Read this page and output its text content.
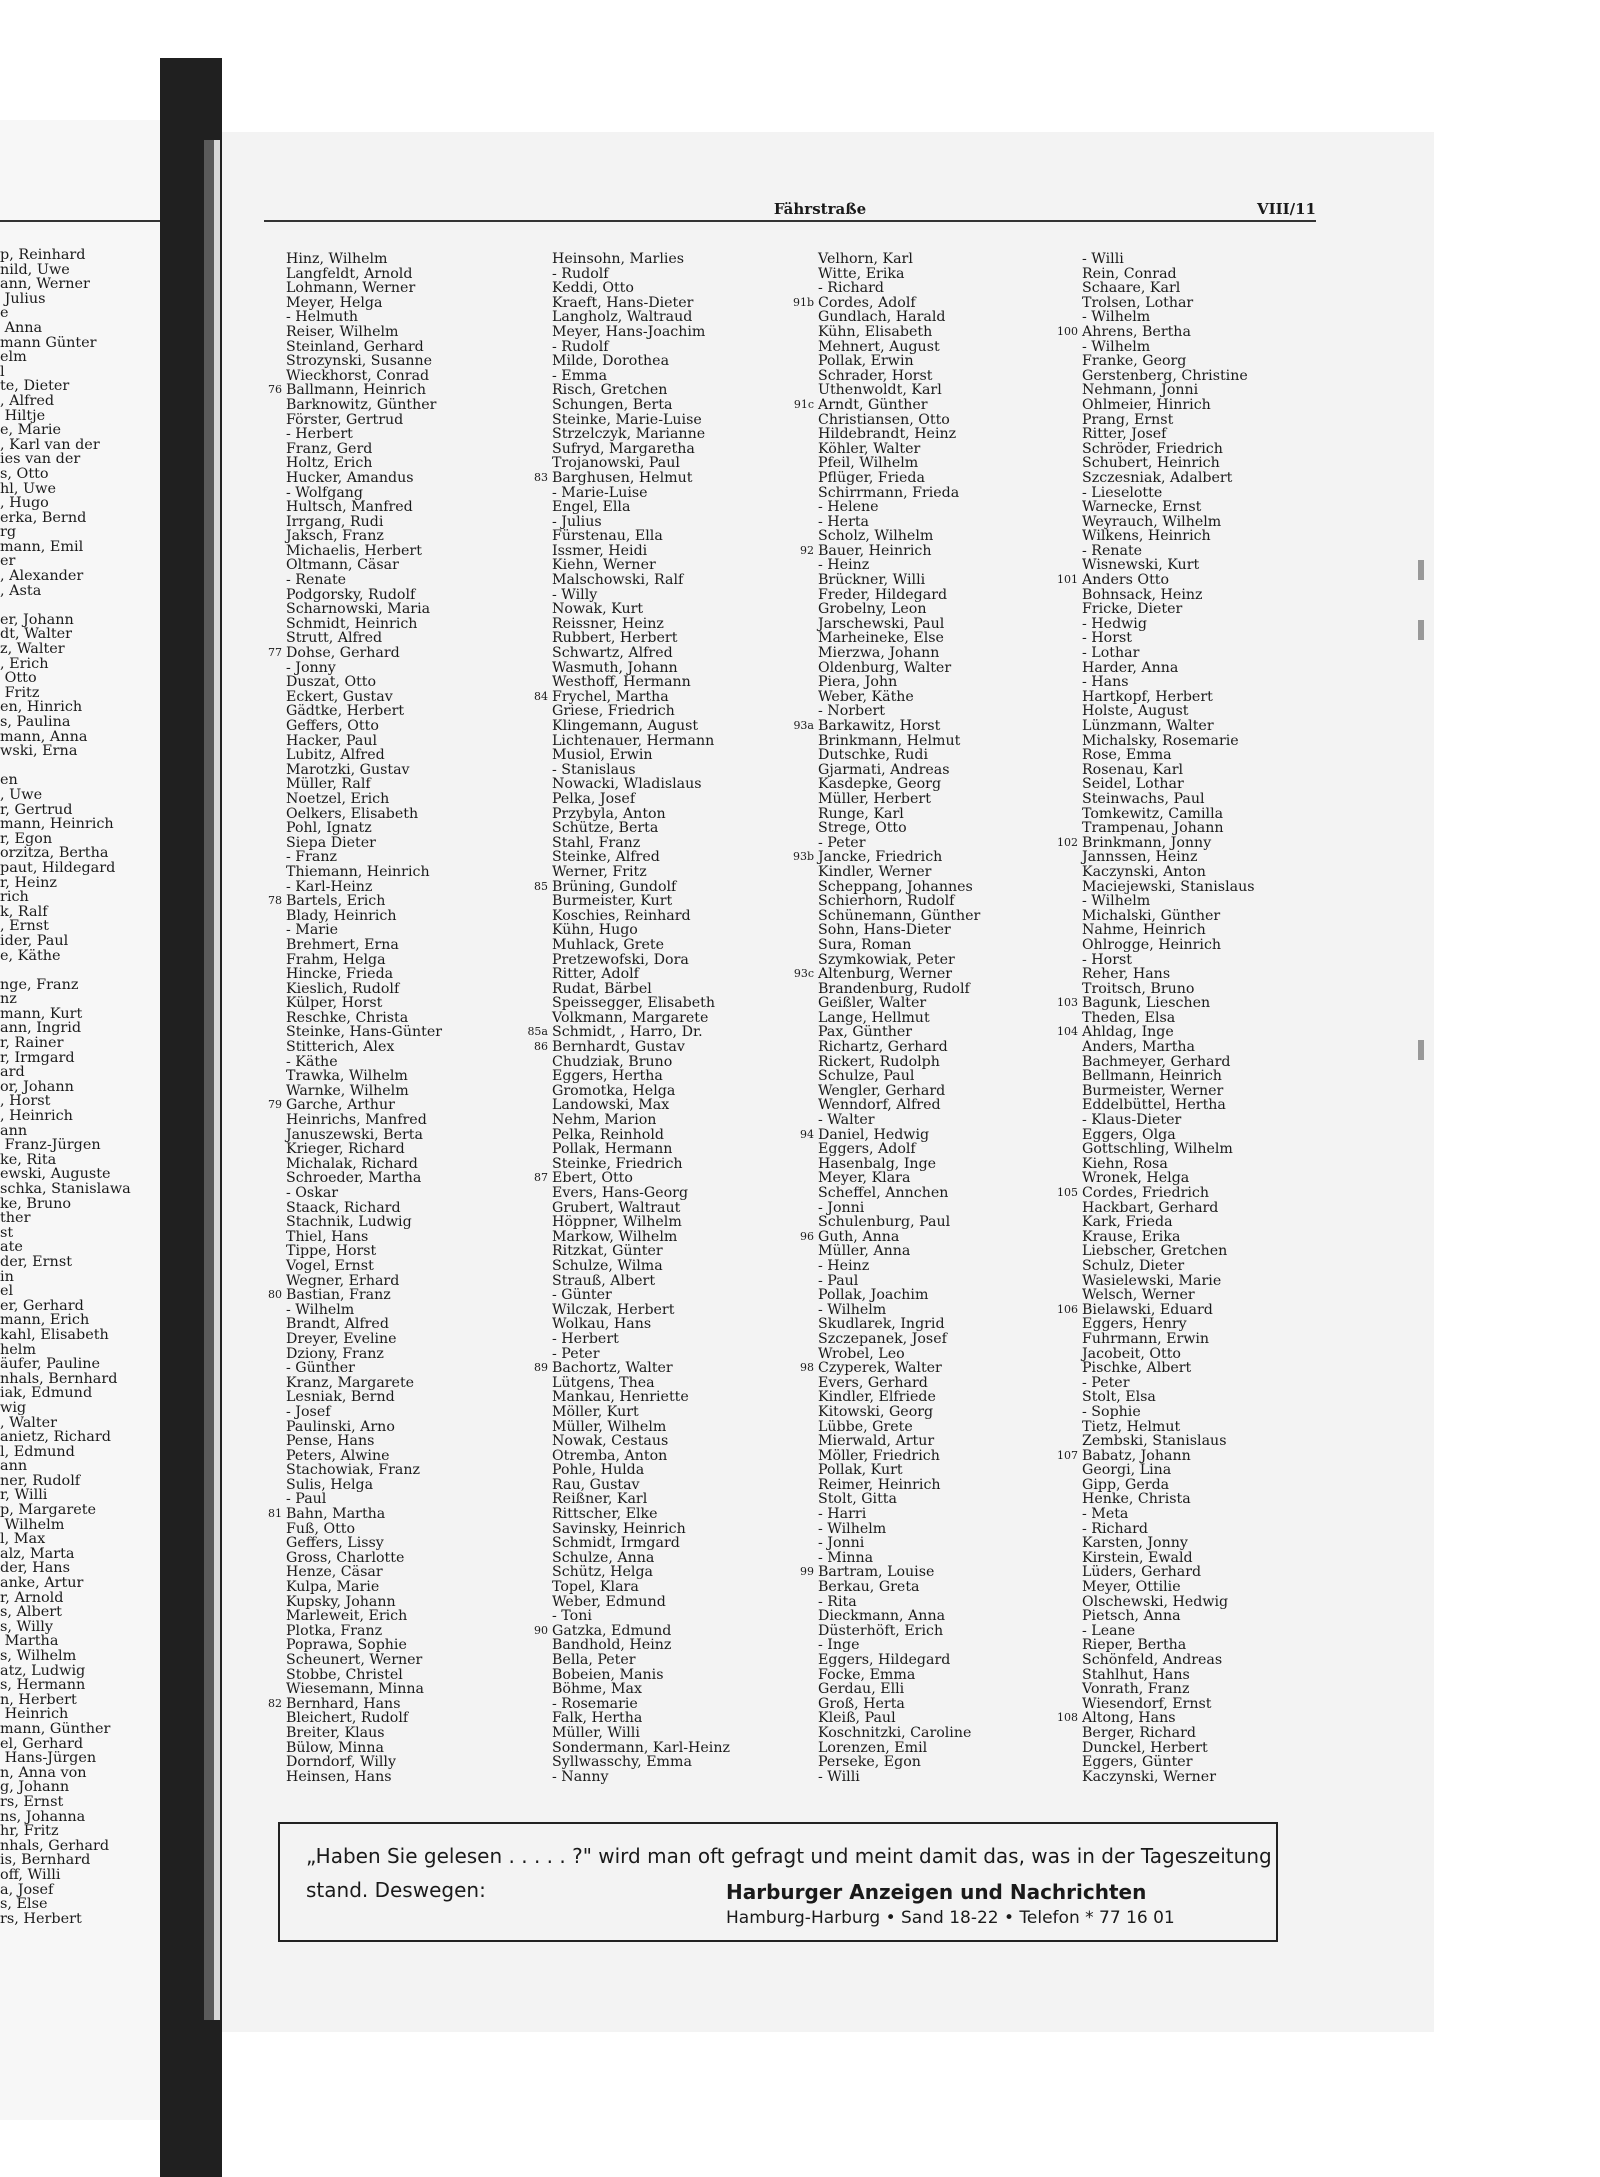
p, Reinhard
nild, Uwe
ann, Werner
Julius
e
Anna
mann Günter
elm
l
te, Dieter
, Alfred
Hiltje
e, Marie
, Karl van der
ies van der
s, Otto
hl, Uwe
, Hugo
erka, Bernd
rg
mann, Emil
er
, Alexander
, Asta

er, Johann
dt, Walter
z, Walter
, Erich
Otto
Fritz
en, Hinrich
s, Paulina
mann, Anna
wski, Erna

en
, Uwe
r, Gertrud
mann, Heinrich
r, Egon
orzitza, Bertha
paut, Hildegard
r, Heinz
rich
k, Ralf
, Ernst
ider, Paul
e, Käthe

nge, Franz
nz
mann, Kurt
ann, Ingrid
r, Rainer
r, Irmgard
ard
or, Johann
, Horst
, Heinrich
ann
Franz-Jürgen
ke, Rita
ewski, Auguste
schka, Stanislawa
ke, Bruno
ther
st
ate
der, Ernst
in
el
er, Gerhard
mann, Erich
kahl, Elisabeth
helm
äufer, Pauline
nhals, Bernhard
iak, Edmund
wig
, Walter
anietz, Richard
l, Edmund
ann
ner, Rudolf
r, Willi
p, Margarete
Wilhelm
l, Max
alz, Marta
der, Hans
anke, Artur
r, Arnold
s, Albert
s, Willy
Martha
s, Wilhelm
atz, Ludwig
s, Hermann
n, Herbert
Heinrich
mann, Günther
el, Gerhard
Hans-Jürgen
n, Anna von
g, Johann
rs, Ernst
ns, Johanna
hr, Fritz
nhals, Gerhard
is, Bernhard
off, Willi
a, Josef
s, Else
rs, Herbert
Fährstraße	VIII/11
Hinz, Wilhelm
Langfeldt, Arnold
Lohmann, Werner
Meyer, Helga
- Helmuth
Reiser, Wilhelm
Steinland, Gerhard
Strozynski, Susanne
Wieckhorst, Conrad
76 Ballmann, Heinrich
Barknowitz, Günther
Förster, Gertrud
- Herbert
Franz, Gerd
Holtz, Erich
Hucker, Amandus
- Wolfgang
Hultsch, Manfred
Irrgang, Rudi
Jaksch, Franz
Michaelis, Herbert
Oltmann, Cäsar
- Renate
Podgorsky, Rudolf
Scharnowski, Maria
Schmidt, Heinrich
Strutt, Alfred
77 Dohse, Gerhard
- Jonny
Duszat, Otto
Eckert, Gustav
Gädtke, Herbert
Geffers, Otto
Hacker, Paul
Lubitz, Alfred
Marotzki, Gustav
Müller, Ralf
Noetzel, Erich
Oelkers, Elisabeth
Pohl, Ignatz
Siepa Dieter
- Franz
Thiemann, Heinrich
- Karl-Heinz
78 Bartels, Erich
Blady, Heinrich
- Marie
Brehmert, Erna
Frahm, Helga
Hincke, Frieda
Kieslich, Rudolf
Külper, Horst
Reschke, Christa
Steinke, Hans-Günter
Stitterich, Alex
- Käthe
Trawka, Wilhelm
Warnke, Wilhelm
79 Garche, Arthur
Heinrichs, Manfred
Januszewski, Berta
Krieger, Richard
Michalak, Richard
Schroeder, Martha
- Oskar
Staack, Richard
Stachnik, Ludwig
Thiel, Hans
Tippe, Horst
Vogel, Ernst
Wegner, Erhard
80 Bastian, Franz
- Wilhelm
Brandt, Alfred
Dreyer, Eveline
Dziony, Franz
- Günther
Kranz, Margarete
Lesniak, Bernd
- Josef
Paulinski, Arno
Pense, Hans
Peters, Alwine
Stachowiak, Franz
Sulis, Helga
- Paul
81 Bahn, Martha
Fuß, Otto
Geffers, Lissy
Gross, Charlotte
Henze, Cäsar
Kulpa, Marie
Kupsky, Johann
Marleweit, Erich
Plotka, Franz
Poprawa, Sophie
Scheunert, Werner
Stobbe, Christel
Wiesemann, Minna
82 Bernhard, Hans
Bleichert, Rudolf
Breiter, Klaus
Bülow, Minna
Dorndorf, Willy
Heinsen, Hans
Heinsohn, Marlies
- Rudolf
Keddi, Otto
Kraeft, Hans-Dieter
Langholz, Waltraud
Meyer, Hans-Joachim
- Rudolf
Milde, Dorothea
- Emma
Risch, Gretchen
Schungen, Berta
Steinke, Marie-Luise
Strzelczyk, Marianne
Sufryd, Margaretha
Trojanowski, Paul
83 Barghusen, Helmut
- Marie-Luise
Engel, Ella
- Julius
Fürstenau, Ella
Issmer, Heidi
Kiehn, Werner
Malschowski, Ralf
- Willy
Nowak, Kurt
Reissner, Heinz
Rubbert, Herbert
Schwartz, Alfred
Wasmuth, Johann
Westhoff, Hermann
84 Frychel, Martha
Griese, Friedrich
Klingemann, August
Lichtenauer, Hermann
Musiol, Erwin
- Stanislaus
Nowacki, Wladislaus
Pelka, Josef
Przybyla, Anton
Schütze, Berta
Stahl, Franz
Steinke, Alfred
Werner, Fritz
85 Brüning, Gundolf
Burmeister, Kurt
Koschies, Reinhard
Kühn, Hugo
Muhlack, Grete
Pretzewofski, Dora
Ritter, Adolf
Rudat, Bärbel
Speissegger, Elisabeth
Volkmann, Margarete
85a Schmidt, , Harro, Dr.
86 Bernhardt, Gustav
Chudziak, Bruno
Eggers, Hertha
Gromotka, Helga
Landowski, Max
Nehm, Marion
Pelka, Reinhold
Pollak, Hermann
Steinke, Friedrich
87 Ebert, Otto
Evers, Hans-Georg
Grubert, Waltraut
Höppner, Wilhelm
Markow, Wilhelm
Ritzkat, Günter
Schulze, Wilma
Strauß, Albert
- Günter
Wilczak, Herbert
Wolkau, Hans
- Herbert
- Peter
89 Bachortz, Walter
Lütgens, Thea
Mankau, Henriette
Möller, Kurt
Müller, Wilhelm
Nowak, Cestaus
Otremba, Anton
Pohle, Hulda
Rau, Gustav
Reißner, Karl
Rittscher, Elke
Savinsky, Heinrich
Schmidt, Irmgard
Schulze, Anna
Schütz, Helga
Topel, Klara
Weber, Edmund
- Toni
90 Gatzka, Edmund
Bandhold, Heinz
Bella, Peter
Bobeien, Manis
Böhme, Max
- Rosemarie
Falk, Hertha
Müller, Willi
Sondermann, Karl-Heinz
Syllwasschy, Emma
- Nanny
Velhorn, Karl
Witte, Erika
- Richard
91b Cordes, Adolf
Gundlach, Harald
Kühn, Elisabeth
Mehnert, August
Pollak, Erwin
Schrader, Horst
Uthenwoldt, Karl
91c Arndt, Günther
Christiansen, Otto
Hildebrandt, Heinz
Köhler, Walter
Pfeil, Wilhelm
Pflüger, Frieda
Schirrmann, Frieda
- Helene
- Herta
Scholz, Wilhelm
92 Bauer, Heinrich
- Heinz
Brückner, Willi
Freder, Hildegard
Grobelny, Leon
Jarschewski, Paul
Marheineke, Else
Mierzwa, Johann
Oldenburg, Walter
Piera, John
Weber, Käthe
- Norbert
93a Barkawitz, Horst
Brinkmann, Helmut
Dutschke, Rudi
Gjarmati, Andreas
Kasdepke, Georg
Müller, Herbert
Runge, Karl
Strege, Otto
- Peter
93b Jancke, Friedrich
Kindler, Werner
Scheppang, Johannes
Schierhorn, Rudolf
Schünemann, Günther
Sohn, Hans-Dieter
Sura, Roman
Szymkowiak, Peter
93c Altenburg, Werner
Brandenburg, Rudolf
Geißler, Walter
Lange, Hellmut
Pax, Günther
Richartz, Gerhard
Rickert, Rudolph
Schulze, Paul
Wengler, Gerhard
Wenndorf, Alfred
- Walter
94 Daniel, Hedwig
Eggers, Adolf
Hasenbalg, Inge
Meyer, Klara
Scheffel, Annchen
- Jonni
Schulenburg, Paul
96 Guth, Anna
Müller, Anna
- Heinz
- Paul
Pollak, Joachim
- Wilhelm
Skudlarek, Ingrid
Szczepanek, Josef
Wrobel, Leo
98 Czyperek, Walter
Evers, Gerhard
Kindler, Elfriede
Kitowski, Georg
Lübbe, Grete
Mierwald, Artur
Möller, Friedrich
Pollak, Kurt
Reimer, Heinrich
Stolt, Gitta
- Harri
- Wilhelm
- Jonni
- Minna
99 Bartram, Louise
Berkau, Greta
- Rita
Dieckmann, Anna
Düsterhöft, Erich
- Inge
Eggers, Hildegard
Focke, Emma
Gerdau, Elli
Groß, Herta
Kleiß, Paul
Koschnitzki, Caroline
Lorenzen, Emil
Perseke, Egon
- Willi
- Willi
Rein, Conrad
Schaare, Karl
Trolsen, Lothar
- Wilhelm
100 Ahrens, Bertha
- Wilhelm
Franke, Georg
Gerstenberg, Christine
Nehmann, Jonni
Ohlmeier, Hinrich
Prang, Ernst
Ritter, Josef
Schröder, Friedrich
Schubert, Heinrich
Szczesniak, Adalbert
- Lieselotte
Warnecke, Ernst
Weyrauch, Wilhelm
Wilkens, Heinrich
- Renate
Wisnewski, Kurt
101 Anders Otto
Bohnsack, Heinz
Fricke, Dieter
- Hedwig
- Horst
- Lothar
Harder, Anna
- Hans
Hartkopf, Herbert
Holste, August
Lünzmann, Walter
Michalsky, Rosemarie
Rose, Emma
Rosenau, Karl
Seidel, Lothar
Steinwachs, Paul
Tomkewitz, Camilla
Trampenau, Johann
102 Brinkmann, Jonny
Jannssen, Heinz
Kaczynski, Anton
Maciejewski, Stanislaus
- Wilhelm
Michalski, Günther
Nahme, Heinrich
Ohlrogge, Heinrich
- Horst
Reher, Hans
Troitsch, Bruno
103 Bagunk, Lieschen
Theden, Elsa
104 Ahldag, Inge
Anders, Martha
Bachmeyer, Gerhard
Bellmann, Heinrich
Burmeister, Werner
Eddelbüttel, Hertha
- Klaus-Dieter
Eggers, Olga
Gottschling, Wilhelm
Kiehn, Rosa
Wronek, Helga
105 Cordes, Friedrich
Hackbart, Gerhard
Kark, Frieda
Krause, Erika
Liebscher, Gretchen
Schulz, Dieter
Wasielewski, Marie
Welsch, Werner
106 Bielawski, Eduard
Eggers, Henry
Fuhrmann, Erwin
Jacobeit, Otto
Pischke, Albert
- Peter
Stolt, Elsa
- Sophie
Tietz, Helmut
Zembski, Stanislaus
107 Babatz, Johann
Georgi, Lina
Gipp, Gerda
Henke, Christa
- Meta
- Richard
Karsten, Jonny
Kirstein, Ewald
Lüders, Gerhard
Meyer, Ottilie
Olschewski, Hedwig
Pietsch, Anna
- Leane
Rieper, Bertha
Schönfeld, Andreas
Stahlhut, Hans
Vonrath, Franz
Wiesendorf, Ernst
108 Altong, Hans
Berger, Richard
Dunckel, Herbert
Eggers, Günter
Kaczynski, Werner
„Haben Sie gelesen . . . . . ?" wird man oft gefragt und meint damit das, was in der Tageszeitung
stand. Deswegen:	Harburger Anzeigen und Nachrichten
Hamburg-Harburg • Sand 18-22 • Telefon * 77 16 01
